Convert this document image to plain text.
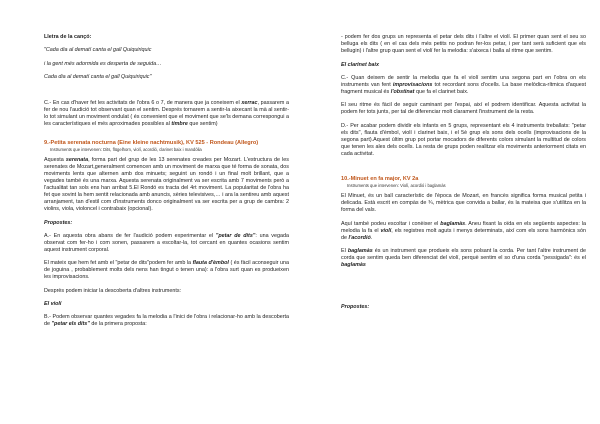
Lletra de la cançó:

"Cada dia al dematí canta el gall Quiquiriquic

i la gent més adormida es desperta de seguida…

Cada dia al dematí canta el gall Quiquiriquic"

C.- En cas d'haver fet les activitats de l'obra 6 o 7, de manera que ja coneixem el xerrac, passarem a fer de nou l'audició tot observant quan el sentim. Després tornarem a sentir-la aixecant la mà al sentir-lo tot simulant un moviment ondulat ( és convenient que el moviment que se'ls demana correspongui a les característiques el més aproximades possibles al timbre que sentim)

9.-Petita serenata nocturna (Eine kleine nachtmusik), KV 525 - Rondeau (Allegro)

Instruments que intervenen: Dits, flügelhorn, violí, acordió, clarinet baix i mandòlia

Aquesta serenata, forma part del grup de les 13 serenates creades per Mozart. L'estructura de les serenates de Mozart,generalment comencen amb un moviment de marxa que té forma de sonata, dos moviments lents que alternen amb dos minuets; seguint un rondó i un final molt brillant, que a vegades també és una marxa. Aquesta serenata originalment va ser escrita amb 7 moviments però a l'actualitat tan sols ens han arribat 5.El Rondó es tracta del 4rt moviment. La popularitat de l'obra ha fet que sovint la hem sentit relacionada amb anuncis, sèries televisives,… i ara la sentireu amb aquest arranjament, tan d'estil com d'instruments donco originalment va ser escrita per a grup de cambra: 2 violins, viola, violoncel i contrabaix (opcional).

Propostes:

A.- En aquesta obra abans de fer l'audició podem experimentar el "petar de dits": una vegada observat com fer-ho i com sonen, passarem a escoltar-la, tot cercant en quantes ocasions sentim aquest instrument corporal.

El mateix que hem fet amb el "petar de dits"podem fer amb la flauta d'èmbol ( és fàcil aconseguir una de joguina , probablement molts dels nens han tingut o tenen una): a l'obra surt quan es produeixen les improvisacions.

Desprès podem iniciar la descoberta d'altres instruments:

El violí

B.- Podem observar quantes vegades fa la melodia a l'inici de l'obra i relacionar-ho amb la descoberta de "petar els dits" de la primera proposta:

- podem fer dos grups un representa el petar dels dits i l'altre el violí. El primer quan sent el seu so belluga els dits ( en el cas dels més petits no podran fer-los petar, i per tant serà suficient que els bellugin) i l'altre grup quan sent el violí fer la melodia: s'aixeca i balla al ritme que sentim.

El clarinet baix

C.- Quan deixem de sentir la melodia que fa el violí sentim una segona part en l'obra on els instruments van fent improvisacions tot recordant sons d'ocells. La base melòdica-rítmica d'aquest fragment musical és l'obstinat que fa el clarinet baix.

El seu ritme és fàcil de seguir caminant per l'espai, així el podrem identificar. Aquesta activitat la podem fer tots junts, per tal de diferenciar molt clarament l'instrument de la resta.

D.- Per acabar podem dividir els infants en 5 grups, representant els 4 instruments treballats: "petar els dits", flauta d'èmbol, violí i clarinet baix, i el 5è grup els sons dels ocells (improvisacions de la segona part).Aquest últim grup pot portar mocadors de diferents colors simulant la multitud de colors que tenen les ales dels ocells. La resta de grups poden realitzar els moviments anteriorment citats en cada activitat.

10.-Minuet en fa major, KV 2a

Instruments que intervenen: Violí, acordió i baglamàs

El Minuet, és un ball característic de l'època de Mozart, en francès significa forma musical petita i delicada. Està escrit en compàs de ¾, mètrica que convida a ballar, és la mateixa que s'utilitza en la forma del vals.

Aquí també podeu escoltar i conèixer el baglamàs. Aneu fixant la oïda en els següents aspectes: la melodia la fa el violí, els registres molt aguts i menys determinats, així com els sons harmònics són de l'acordió.

El baglamàs és un instrument que produeix els sons polsant la corda. Per tant l'altre instrument de corda que sentim queda ben diferenciat del violí, perquè sentim el so d'una corda "pessigada": és el baglamàs

Propostes:
